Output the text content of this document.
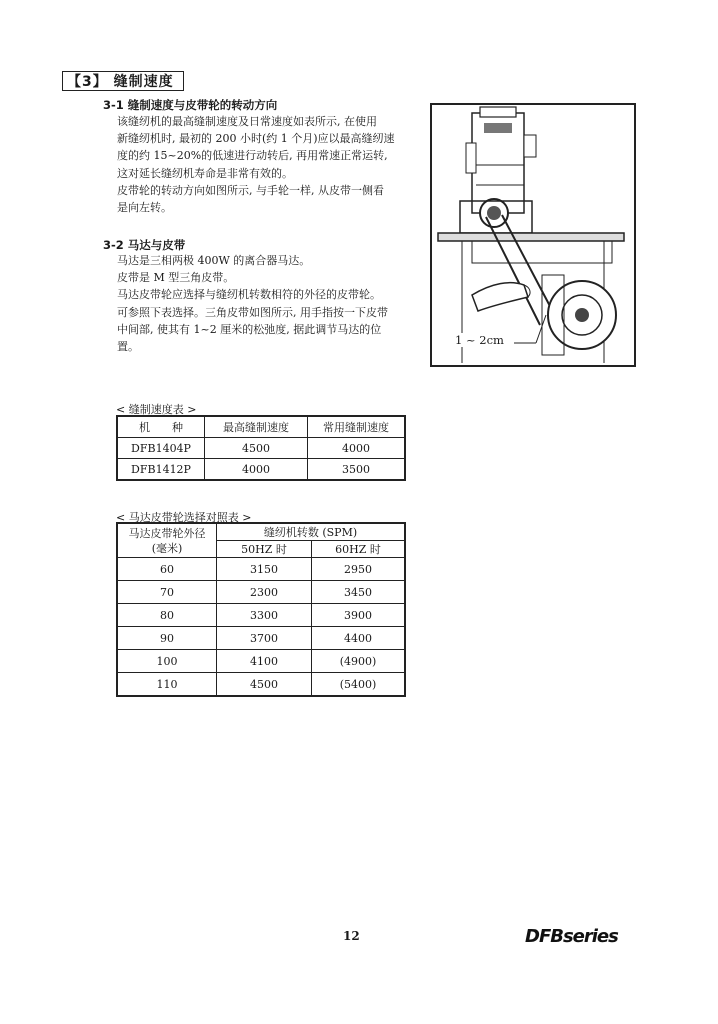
【3】 缝制速度
3-1 缝制速度与皮带轮的转动方向
该缝纫机的最高缝制速度及日常速度如表所示, 在使用
新缝纫机时, 最初的 200 小时(约 1 个月)应以最高缝纫速
度的约 15~20%的低速进行动转后, 再用常速正常运转,
这对延长缝纫机寿命是非常有效的。
皮带轮的转动方向如图所示, 与手轮一样, 从皮带一侧看
是向左转。
3-2 马达与皮带
马达是三相两极 400W 的离合器马达。
皮带是 M 型三角皮带。
马达皮带轮应选择与缝纫机转数相符的外径的皮带轮。
可参照下表选择。三角皮带如图所示, 用手指按一下皮带
中间部, 使其有 1~2 厘米的松弛度, 据此调节马达的位
置。	1 ~ 2cm
< 缝制速度表 >
机　　种	最高缝制速度	常用缝制速度
DFB1404P	4500	4000
DFB1412P	4000	3500
< 马达皮带轮选择对照表 >
马达皮带轮外径
(毫米)	缝纫机转数 (SPM)	
	50HZ 时	60HZ 时
60	3150	2950
70	2300	3450
80	3300	3900
90	3700	4400
100	4100	(4900)
110	4500	(5400)
12	DFBseries
